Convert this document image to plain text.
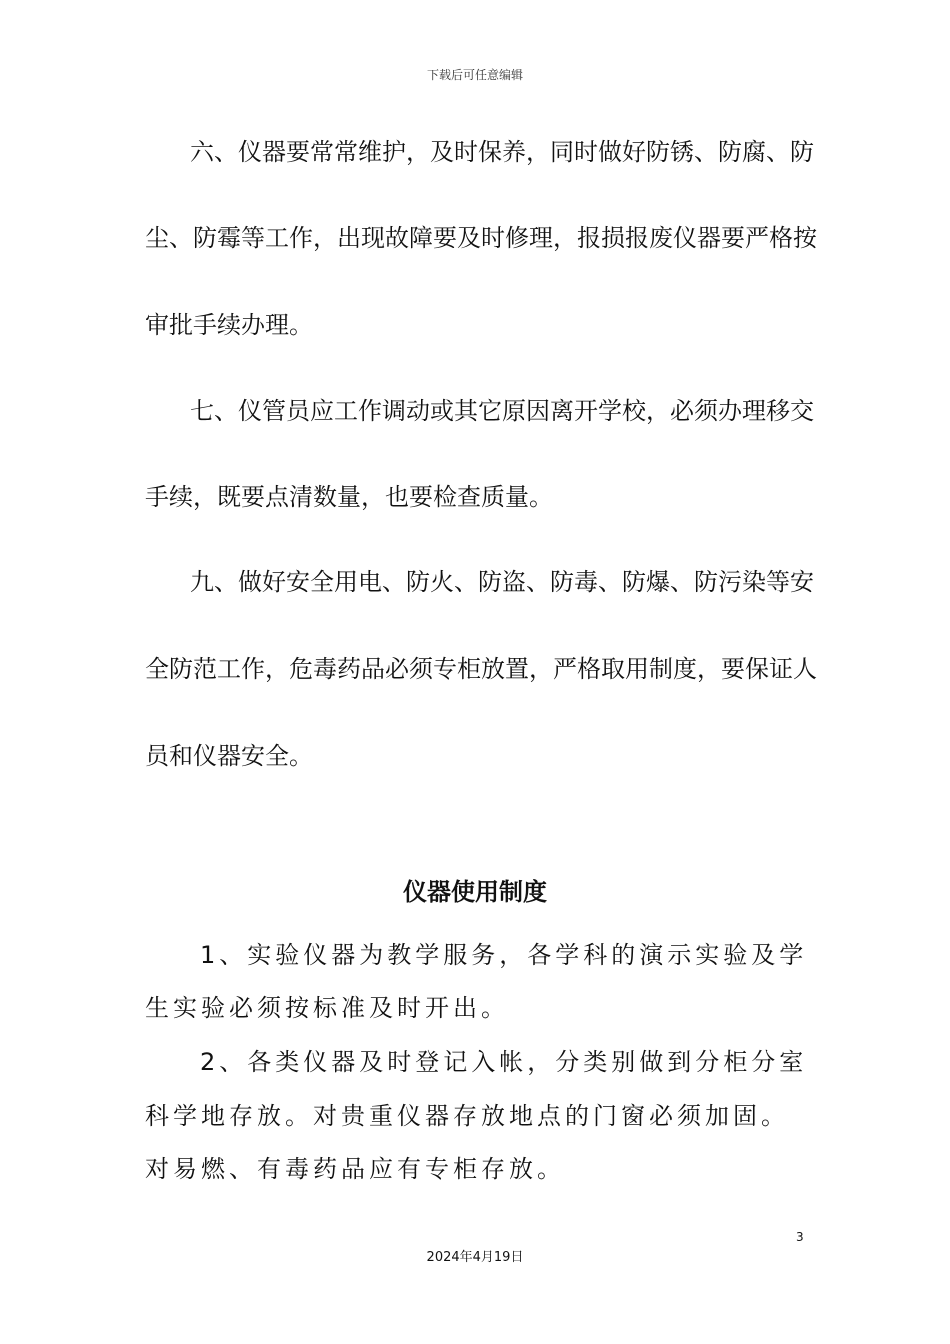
下载后可任意编辑
六、仪器要常常维护，及时保养，同时做好防锈、防腐、防
尘、防霉等工作，出现故障要及时修理，报损报废仪器要严格按
审批手续办理。
七、仪管员应工作调动或其它原因离开学校，必须办理移交
手续，既要点清数量，也要检查质量。
九、做好安全用电、防火、防盗、防毒、防爆、防污染等安
全防范工作，危毒药品必须专柜放置，严格取用制度，要保证人
员和仪器安全。
仪器使用制度
1、实验仪器为教学服务，各学科的演示实验及学
生实验必须按标准及时开出。
2、各类仪器及时登记入帐，分类别做到分柜分室
科学地存放。对贵重仪器存放地点的门窗必须加固。
对易燃、有毒药品应有专柜存放。
3
2024年4月19日
